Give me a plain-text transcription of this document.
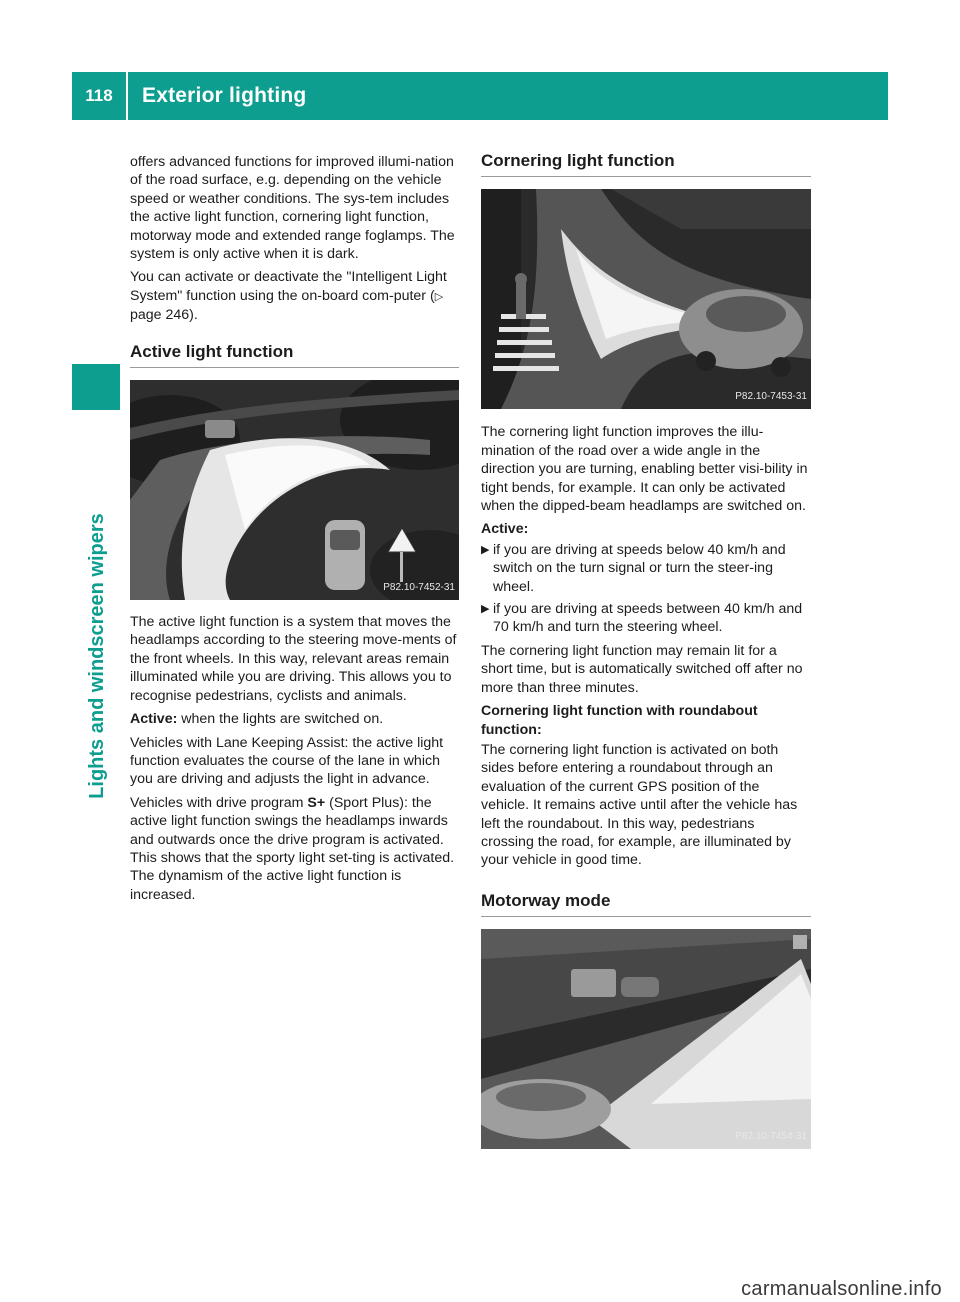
118	Exterior lighting
Lights and windscreen wipers

offers advanced functions for improved illumi-nation of the road surface, e.g. depending on the vehicle speed or weather conditions. The sys-tem includes the active light function, cornering light function, motorway mode and extended range foglamps. The system is only active when it is dark.

You can activate or deactivate the "Intelligent Light System" function using the on-board com-puter (▷ page 246).

Active light function
P82.10-7452-31

The active light function is a system that moves the headlamps according to the steering move-ments of the front wheels. In this way, relevant areas remain illuminated while you are driving. This allows you to recognise pedestrians, cyclists and animals.

Active: when the lights are switched on.

Vehicles with Lane Keeping Assist: the active light function evaluates the course of the lane in which you are driving and adjusts the light in advance.

Vehicles with drive program S+ (Sport Plus): the active light function swings the headlamps inwards and outwards once the drive program is activated. This shows that the sporty light set-ting is activated. The dynamism of the active light function is increased.

Cornering light function
P82.10-7453-31

The cornering light function improves the illu-mination of the road over a wide angle in the direction you are turning, enabling better visi-bility in tight bends, for example. It can only be activated when the dipped-beam headlamps are switched on.

Active:

▶ if you are driving at speeds below 40 km/h and switch on the turn signal or turn the steer-ing wheel.
▶ if you are driving at speeds between 40 km/h and 70 km/h and turn the steering wheel.

The cornering light function may remain lit for a short time, but is automatically switched off after no more than three minutes.

Cornering light function with roundabout function:

The cornering light function is activated on both sides before entering a roundabout through an evaluation of the current GPS position of the vehicle. It remains active until after the vehicle has left the roundabout. In this way, pedestrians crossing the road, for example, are illuminated by your vehicle in good time.

Motorway mode
P82.10-7454-31
carmanualsonline.info
